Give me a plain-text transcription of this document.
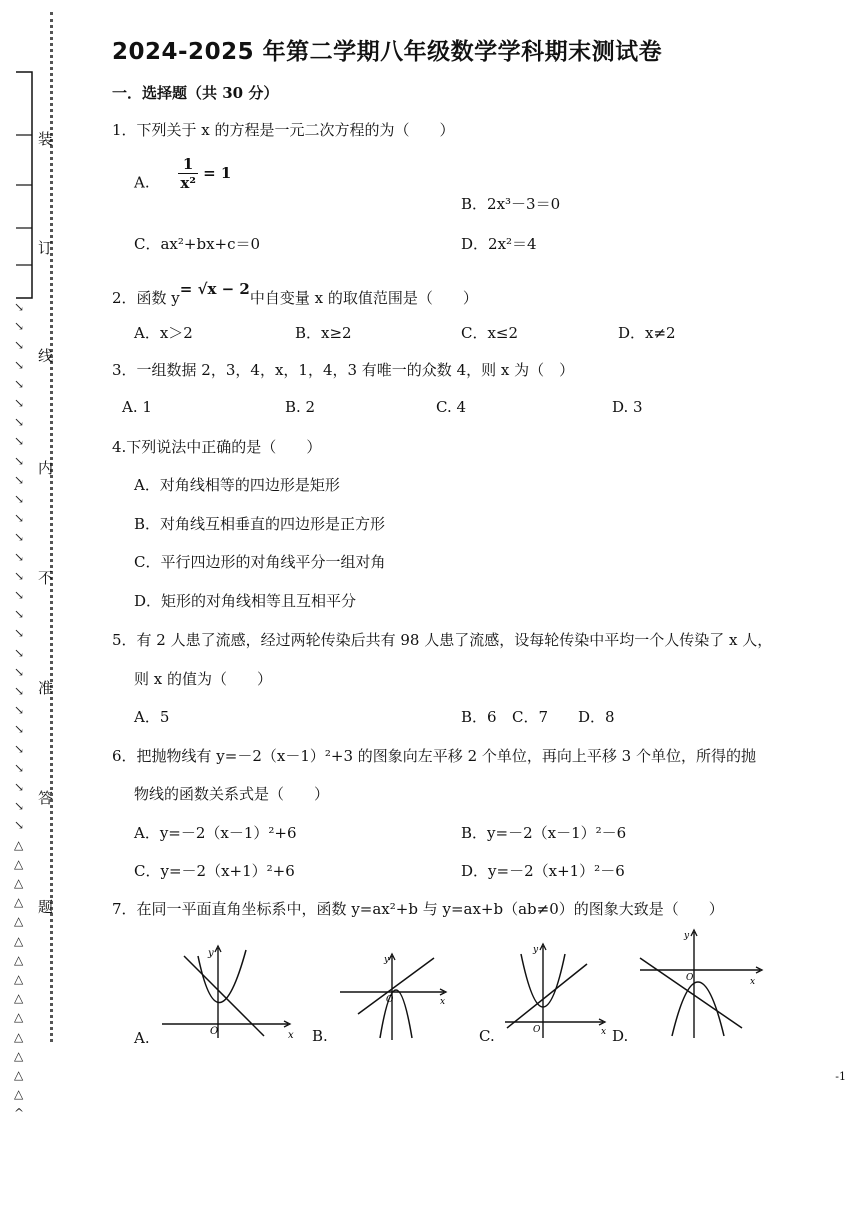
装
订
线
内
不
准
答
题
↘
↘
↘
↘
↘
↘
↘
↘
↘
↘
↘
↘
↘
↘
↘
↘
↘
↘
↘
↘
↘
↘
↘
↘
↘
↘
↘
↘
△
△
△
△
△
△
△
△
△
△
△
△
△
△
^
-1
2024-2025 年第二学期八年级数学学科期末测试卷
一．选择题（共 30 分）
1．下列关于 x 的方程是一元二次方程的为（　　）
A. $\frac{1}{\text{x²}} = 1$
B．2x³－3＝0
C．ax²+bx+c＝0	D．2x²＝4
2．函数 y= √x − 2中自变量 x 的取值范围是（　　）
A．x＞2	B．x≥2	C．x≤2	D．x≠2
3．一组数据 2，3，4，x，1，4，3 有唯一的众数 4，则 x 为（　）
A. 1	B. 2	C. 4	D. 3
4.下列说法中正确的是（　　）
A．对角线相等的四边形是矩形
B．对角线互相垂直的四边形是正方形
C．平行四边形的对角线平分一组对角
D．矩形的对角线相等且互相平分
5．有 2 人患了流感，经过两轮传染后共有 98 人患了流感，设每轮传染中平均一个人传染了 x 人，
则 x 的值为（　　）
A．5	B．6 C．7 D．8
6．把抛物线有 y=－2（x－1）²+3 的图象向左平移 2 个单位，再向上平移 3 个单位，所得的抛
物线的函数关系式是（　　）
A．y=－2（x－1）²+6	B．y=－2（x－1）²－6
C．y=－2（x+1）²+6	D．y=－2（x+1）²－6
7．在同一平面直角坐标系中，函数 y=ax²+b 与 y=ax+b（ab≠0）的图象大致是（　　）
A.	x
y
O	B.
x
y
O
C.	x
y
O	D.
x
y
O
